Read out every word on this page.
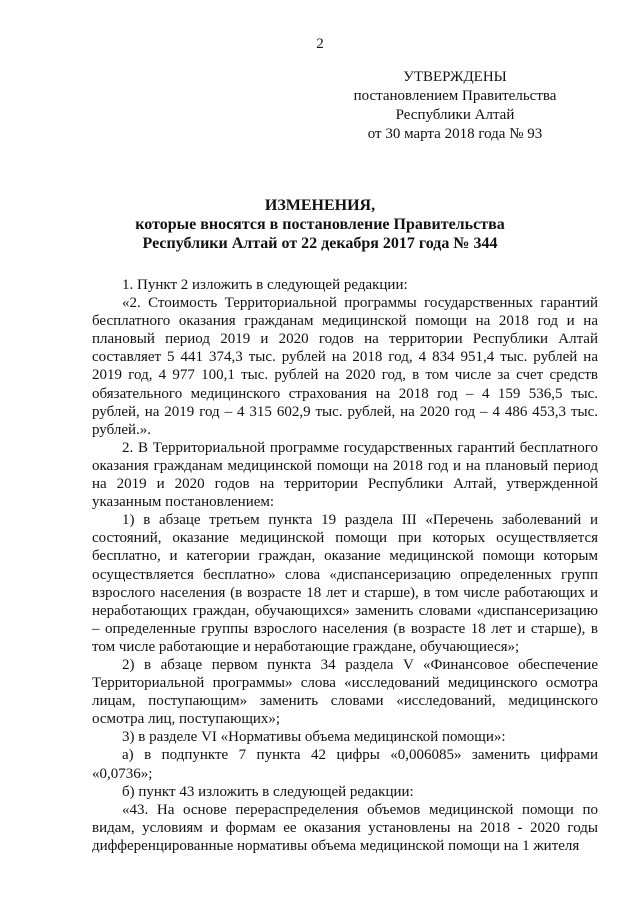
2
УТВЕРЖДЕНЫ
постановлением Правительства
Республики Алтай
от 30 марта 2018 года № 93
ИЗМЕНЕНИЯ,
которые вносятся в постановление Правительства
Республики Алтай от 22 декабря 2017 года № 344

1. Пункт 2 изложить в следующей редакции:

«2. Стоимость Территориальной программы государственных гарантий бесплатного оказания гражданам медицинской помощи на 2018 год и на плановый период 2019 и 2020 годов на территории Республики Алтай составляет 5 441 374,3 тыс. рублей на 2018 год, 4 834 951,4 тыс. рублей на 2019 год, 4 977 100,1 тыс. рублей на 2020 год, в том числе за счет средств обязательного медицинского страхования на 2018 год – 4 159 536,5 тыс. рублей, на 2019 год – 4 315 602,9 тыс. рублей, на 2020 год – 4 486 453,3 тыс. рублей.».

2. В Территориальной программе государственных гарантий бесплатного оказания гражданам медицинской помощи на 2018 год и на плановый период на 2019 и 2020 годов на территории Республики Алтай, утвержденной указанным постановлением:

1) в абзаце третьем пункта 19 раздела III «Перечень заболеваний и состояний, оказание медицинской помощи при которых осуществляется бесплатно, и категории граждан, оказание медицинской помощи которым осуществляется бесплатно» слова «диспансеризацию определенных групп взрослого населения (в возрасте 18 лет и старше), в том числе работающих и неработающих граждан, обучающихся» заменить словами «диспансеризацию – определенные группы взрослого населения (в возрасте 18 лет и старше), в том числе работающие и неработающие граждане, обучающиеся»;

2) в абзаце первом пункта 34 раздела V «Финансовое обеспечение Территориальной программы» слова «исследований медицинского осмотра лицам, поступающим» заменить словами «исследований, медицинского осмотра лиц, поступающих»;

3) в разделе VI «Нормативы объема медицинской помощи»:

а) в подпункте 7 пункта 42 цифры «0,006085» заменить цифрами «0,0736»;

б) пункт 43 изложить в следующей редакции:

«43. На основе перераспределения объемов медицинской помощи по видам, условиям и формам ее оказания установлены на 2018 - 2020 годы дифференцированные нормативы объема медицинской помощи на 1 жителя
